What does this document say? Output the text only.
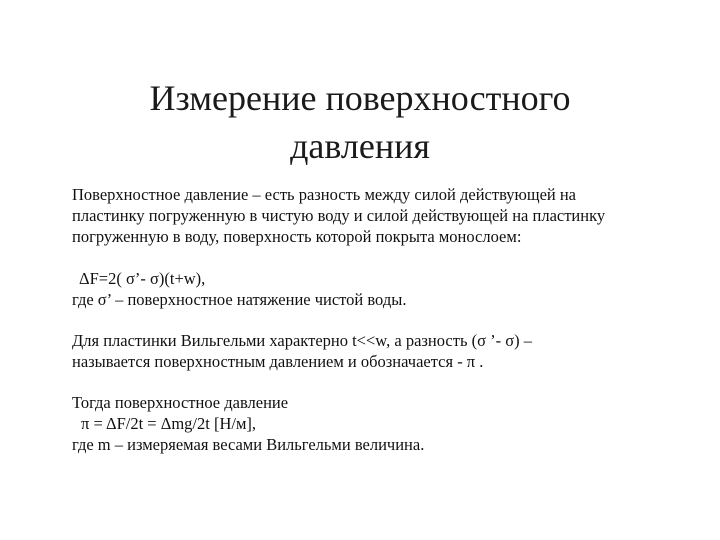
Измерение поверхностного
давления

Поверхностное давление – есть разность между силой действующей на
пластинку погруженную в чистую воду и силой действующей на пластинку
погруженную в воду, поверхность которой покрыта монослоем:

ΔF=2( σ’- σ)(t+w),
где σ’ – поверхностное натяжение чистой воды.
Для пластинки Вильгельми характерно t<<w, а разность (σ ’- σ) –
называется поверхностным давлением и обозначается - π .
Тогда поверхностное давление
π = ΔF/2t = Δmg/2t [Н/м],
где m – измеряемая весами Вильгельми величина.
